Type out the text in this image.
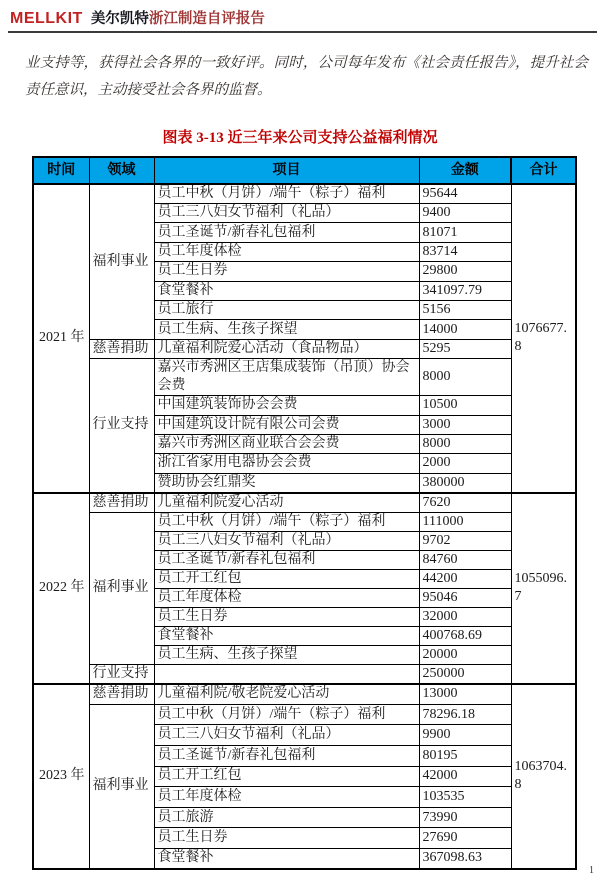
MELLKIT 美尔凯特浙江制造自评报告

业支持等，获得社会各界的一致好评。同时，公司每年发布《社会责任报告》，提升社会责任意识，主动接受社会各界的监督。

图表 3-13 近三年来公司支持公益福利情况
时间	领域	项目	金额	合计
2021 年	福利事业	员工中秋（月饼）/端午（粽子）福利	95644	1076677.8
		员工三八妇女节福利（礼品）	9400	
		员工圣诞节/新春礼包福利	81071	
		员工年度体检	83714	
		员工生日券	29800	
		食堂餐补	341097.79	
		员工旅行	5156	
		员工生病、生孩子探望	14000	
	慈善捐助	儿童福利院爱心活动（食品物品）	5295	
	行业支持	嘉兴市秀洲区王店集成装饰（吊顶）协会会费	8000	
		中国建筑装饰协会会费	10500	
		中国建筑设计院有限公司会费	3000	
		嘉兴市秀洲区商业联合会会费	8000	
		浙江省家用电器协会会费	2000	
		赞助协会红鼎奖	380000	
2022 年	慈善捐助	儿童福利院爱心活动	7620	1055096.7
	福利事业	员工中秋（月饼）/端午（粽子）福利	111000	
		员工三八妇女节福利（礼品）	9702	
		员工圣诞节/新春礼包福利	84760	
		员工开工红包	44200	
		员工年度体检	95046	
		员工生日券	32000	
		食堂餐补	400768.69	
		员工生病、生孩子探望	20000	
	行业支持		250000	
2023 年	慈善捐助	儿童福利院/敬老院爱心活动	13000	1063704.8
	福利事业	员工中秋（月饼）/端午（粽子）福利	78296.18	
		员工三八妇女节福利（礼品）	9900	
		员工圣诞节/新春礼包福利	80195	
		员工开工红包	42000	
		员工年度体检	103535	
		员工旅游	73990	
		员工生日券	27690	
		食堂餐补	367098.63	
1
